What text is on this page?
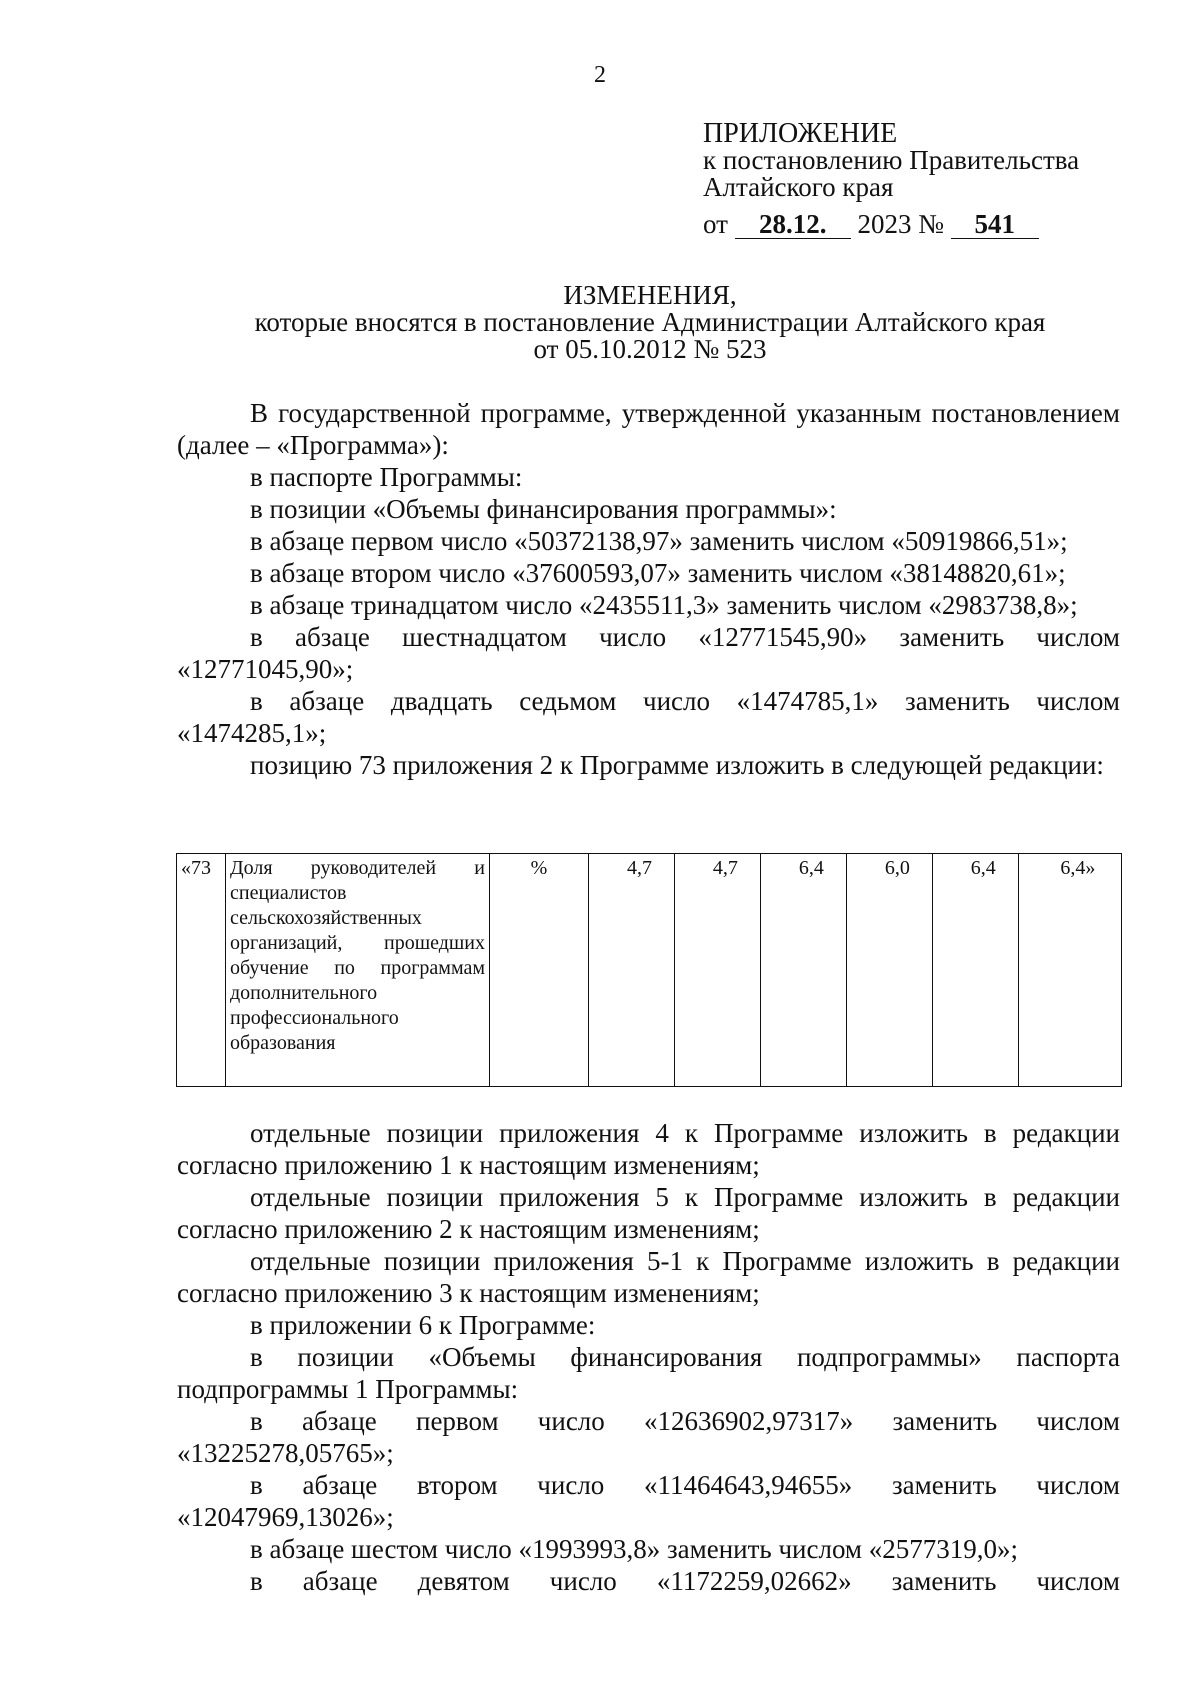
2
ПРИЛОЖЕНИЕ
к постановлению Правительства
Алтайского края
от 28.12. 2023 № 541
ИЗМЕНЕНИЯ,
которые вносятся в постановление Администрации Алтайского края
от 05.10.2012 № 523

В государственной программе, утвержденной указанным постановлением (далее – «Программа»):

в паспорте Программы:

в позиции «Объемы финансирования программы»:

в абзаце первом число «50372138,97» заменить числом «50919866,51»;

в абзаце втором число «37600593,07» заменить числом «38148820,61»;

в абзаце тринадцатом число «2435511,3» заменить числом «2983738,8»;

в абзаце шестнадцатом число «12771545,90» заменить числом «12771045,90»;

в абзаце двадцать седьмом число «1474785,1» заменить числом «1474285,1»;

позицию 73 приложения 2 к Программе изложить в следующей редакции:

«73	Доля руководителей и специалистов сельскохозяйственных организаций, прошедших обучение по программам дополнительного профессионального образования	%	4,7	4,7	6,4	6,0	6,4	6,4»

отдельные позиции приложения 4 к Программе изложить в редакции согласно приложению 1 к настоящим изменениям;

отдельные позиции приложения 5 к Программе изложить в редакции согласно приложению 2 к настоящим изменениям;

отдельные позиции приложения 5-1 к Программе изложить в редакции согласно приложению 3 к настоящим изменениям;

в приложении 6 к Программе:

в позиции «Объемы финансирования подпрограммы» паспорта подпрограммы 1 Программы:

в абзаце первом число «12636902,97317» заменить числом «13225278,05765»;

в абзаце втором число «11464643,94655» заменить числом «12047969,13026»;

в абзаце шестом число «1993993,8» заменить числом «2577319,0»;

в абзаце девятом число «1172259,02662» заменить числом
